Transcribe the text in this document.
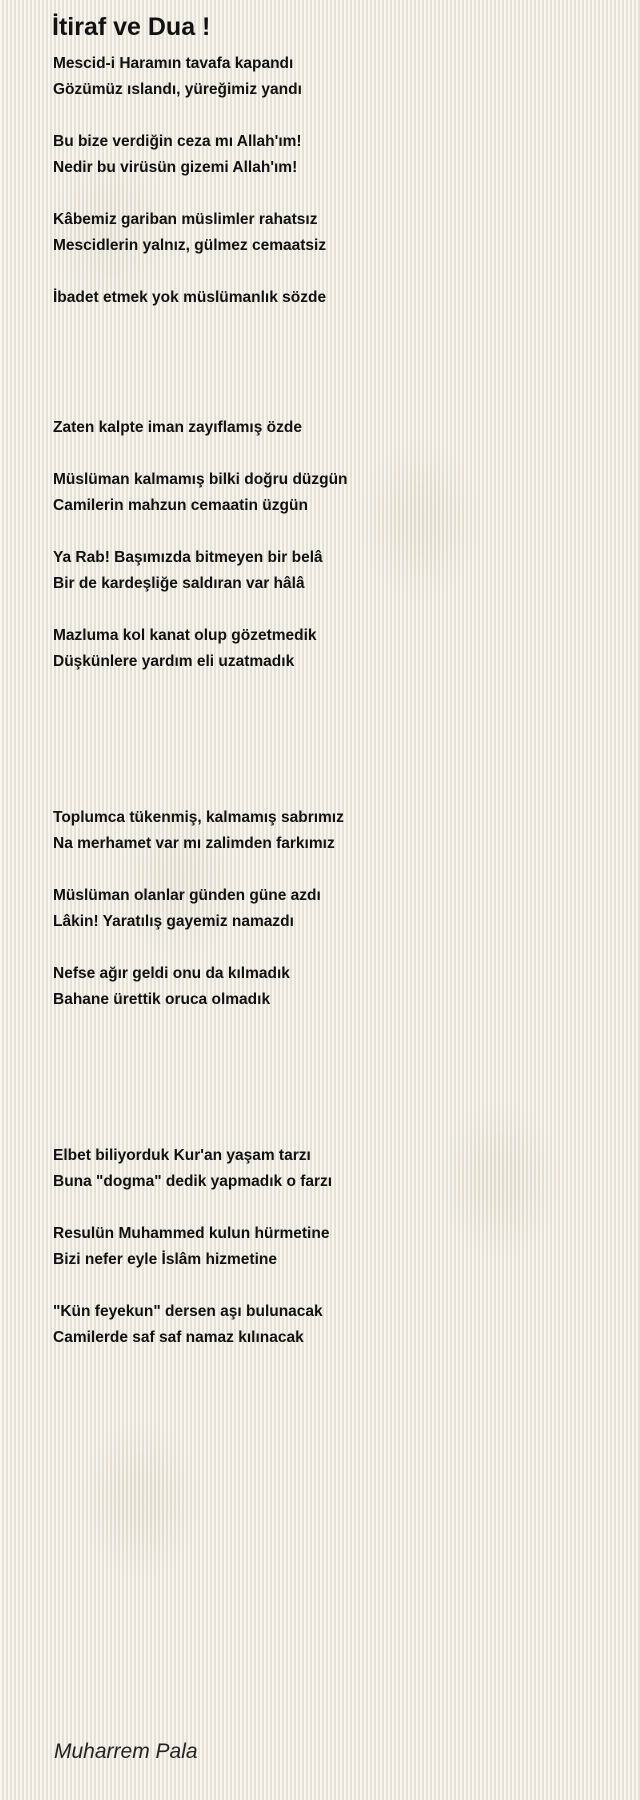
İtiraf ve Dua !
Mescid-i Haramın tavafa kapandı
Gözümüz ıslandı, yüreğimiz yandı
Bu bize verdiğin ceza mı Allah'ım!
Nedir bu virüsün gizemi Allah'ım!
Kâbemiz gariban müslimler rahatsız
Mescidlerin yalnız, gülmez cemaatsiz
İbadet etmek yok müslümanlık sözde
Zaten kalpte iman zayıflamış özde
Müslüman kalmamış bilki doğru düzgün
Camilerin mahzun cemaatin üzgün
Ya Rab! Başımızda bitmeyen bir belâ
Bir de kardeşliğe saldıran var hâlâ
Mazluma kol kanat olup gözetmedik
Düşkünlere yardım eli uzatmadık
Toplumca tükenmiş, kalmamış sabrımız
Na merhamet var mı zalimden farkımız
Müslüman olanlar günden güne azdı
Lâkin! Yaratılış gayemiz namazdı
Nefse ağır geldi onu da kılmadık
Bahane ürettik oruca olmadık
Elbet biliyorduk Kur'an yaşam tarzı
Buna "dogma" dedik yapmadık o farzı
Resulün Muhammed kulun hürmetine
Bizi nefer eyle İslâm hizmetine
"Kün feyekun" dersen aşı bulunacak
Camilerde saf saf namaz kılınacak
Muharrem Pala
